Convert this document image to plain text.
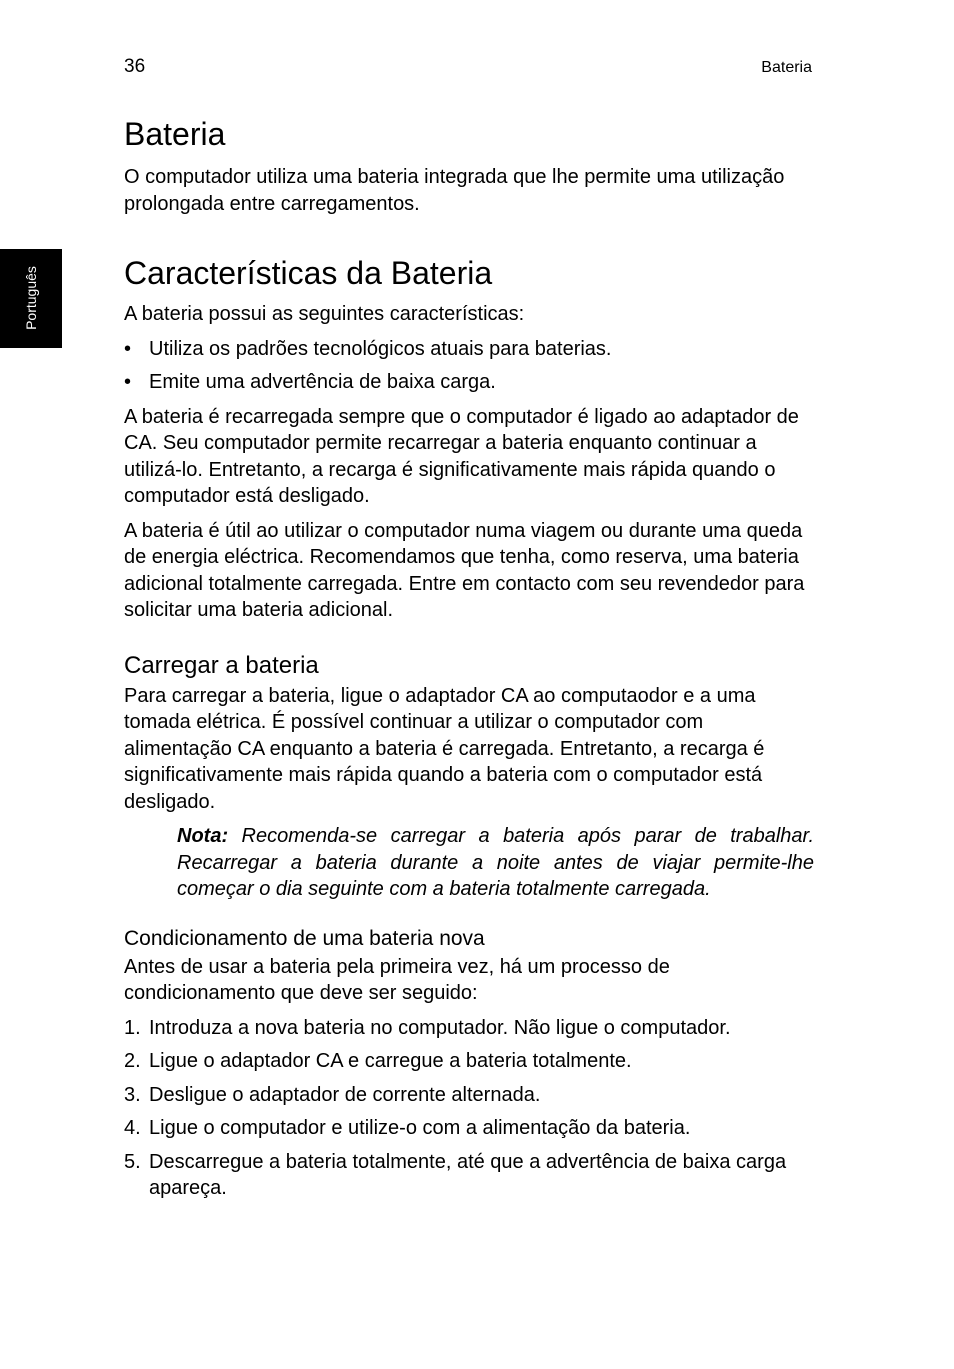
36	Bateria
Português
Bateria

O computador utiliza uma bateria integrada que lhe permite uma utilização prolongada entre carregamentos.

Características da Bateria

A bateria possui as seguintes características:

• Utiliza os padrões tecnológicos atuais para baterias.
• Emite uma advertência de baixa carga.

A bateria é recarregada sempre que o computador é ligado ao adaptador de CA. Seu computador permite recarregar a bateria enquanto continuar a utilizá-lo. Entretanto, a recarga é significativamente mais rápida quando o computador está desligado.

A bateria é útil ao utilizar o computador numa viagem ou durante uma queda de energia eléctrica. Recomendamos que tenha, como reserva, uma bateria adicional totalmente carregada. Entre em contacto com seu revendedor para solicitar uma bateria adicional.

Carregar a bateria

Para carregar a bateria, ligue o adaptador CA ao computaodor e a uma tomada elétrica. É possível continuar a utilizar o computador com alimentação CA enquanto a bateria é carregada. Entretanto, a recarga é significativamente mais rápida quando a bateria com o computador está desligado.

Nota: Recomenda-se carregar a bateria após parar de trabalhar. Recarregar a bateria durante a noite antes de viajar permite-lhe começar o dia seguinte com a bateria totalmente carregada.
Condicionamento de uma bateria nova

Antes de usar a bateria pela primeira vez, há um processo de condicionamento que deve ser seguido:

1. Introduza a nova bateria no computador. Não ligue o computador.
2. Ligue o adaptador CA e carregue a bateria totalmente.
3. Desligue o adaptador de corrente alternada.
4. Ligue o computador e utilize-o com a alimentação da bateria.
5. Descarregue a bateria totalmente, até que a advertência de baixa carga apareça.
